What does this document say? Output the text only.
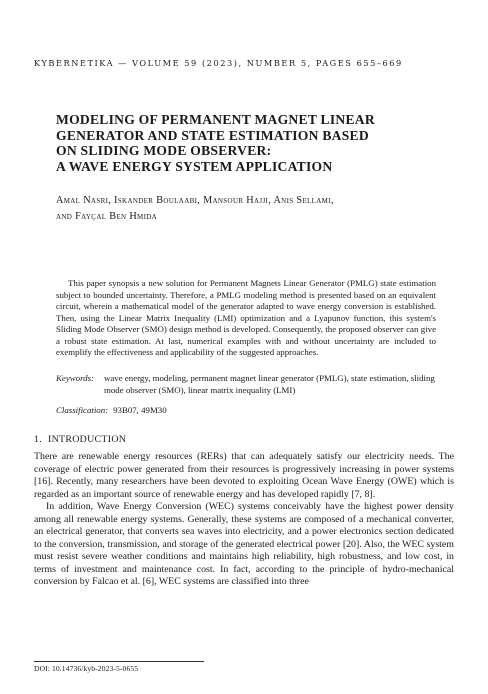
KYBERNETIKA — VOLUME 59 (2023), NUMBER 5, PAGES 655–669
MODELING OF PERMANENT MAGNET LINEAR
GENERATOR AND STATE ESTIMATION BASED
ON SLIDING MODE OBSERVER:
A WAVE ENERGY SYSTEM APPLICATION
Amal Nasri, Iskander Boulaabi, Mansour Hajji, Anis Sellami,
and Fayçal Ben Hmida
This paper synopsis a new solution for Permanent Magnets Linear Generator (PMLG) state estimation subject to bounded uncertainty. Therefore, a PMLG modeling method is presented based on an equivalent circuit, wherein a mathematical model of the generator adapted to wave energy conversion is established. Then, using the Linear Matrix Inequality (LMI) optimization and a Lyapunov function, this system's Sliding Mode Observer (SMO) design method is developed. Consequently, the proposed observer can give a robust state estimation. At last, numerical examples with and without uncertainty are included to exemplify the effectiveness and applicability of the suggested approaches.
Keywords: wave energy, modeling, permanent magnet linear generator (PMLG), state estimation, sliding mode observer (SMO), linear matrix inequality (LMI)
Classification: 93B07, 49M30
1. INTRODUCTION

There are renewable energy resources (RERs) that can adequately satisfy our electricity needs. The coverage of electric power generated from their resources is progressively increasing in power systems [16]. Recently, many researchers have been devoted to exploiting Ocean Wave Energy (OWE) which is regarded as an important source of renewable energy and has developed rapidly [7, 8].

In addition, Wave Energy Conversion (WEC) systems conceivably have the highest power density among all renewable energy systems. Generally, these systems are composed of a mechanical converter, an electrical generator, that converts sea waves into electricity, and a power electronics section dedicated to the conversion, transmission, and storage of the generated electrical power [20]. Also, the WEC system must resist severe weather conditions and maintains high reliability, high robustness, and low cost, in terms of investment and maintenance cost. In fact, according to the principle of hydro-mechanical conversion by Falcao et al. [6], WEC systems are classified into three

DOI: 10.14736/kyb-2023-5-0655
